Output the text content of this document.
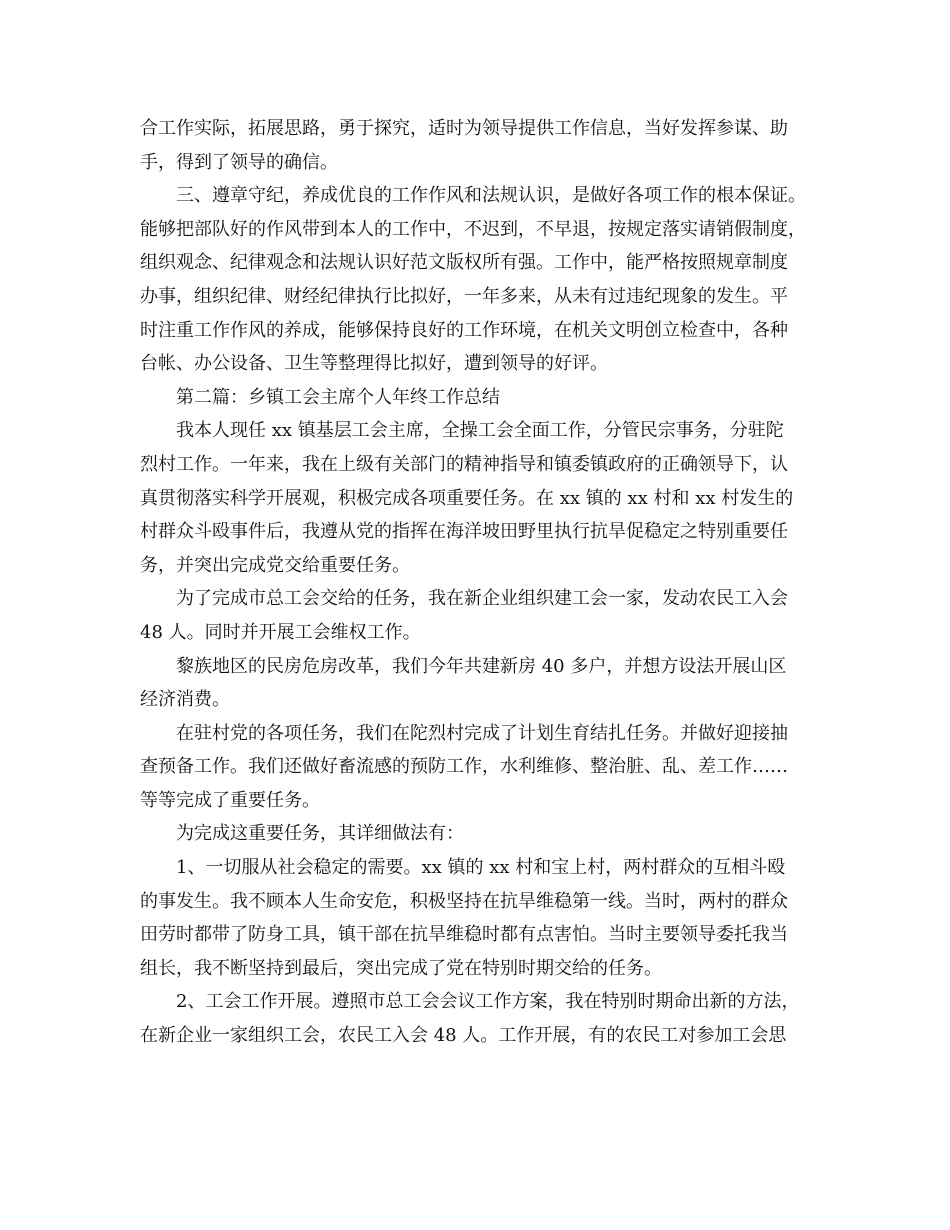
合工作实际，拓展思路，勇于探究，适时为领导提供工作信息，当好发挥参谋、助
手，得到了领导的确信。
三、遵章守纪，养成优良的工作作风和法规认识，是做好各项工作的根本保证。
能够把部队好的作风带到本人的工作中，不迟到，不早退，按规定落实请销假制度，
组织观念、纪律观念和法规认识好范文版权所有强。工作中，能严格按照规章制度
办事，组织纪律、财经纪律执行比拟好，一年多来，从未有过违纪现象的发生。平
时注重工作作风的养成，能够保持良好的工作环境，在机关文明创立检查中，各种
台帐、办公设备、卫生等整理得比拟好，遭到领导的好评。
第二篇：乡镇工会主席个人年终工作总结
我本人现任 xx 镇基层工会主席，全操工会全面工作，分管民宗事务，分驻陀
烈村工作。一年来，我在上级有关部门的精神指导和镇委镇政府的正确领导下，认
真贯彻落实科学开展观，积极完成各项重要任务。在 xx 镇的 xx 村和 xx 村发生的
村群众斗殴事件后，我遵从党的指挥在海洋坡田野里执行抗旱促稳定之特别重要任
务，并突出完成党交给重要任务。
为了完成市总工会交给的任务，我在新企业组织建工会一家，发动农民工入会
48 人。同时并开展工会维权工作。
黎族地区的民房危房改革，我们今年共建新房 40 多户，并想方设法开展山区
经济消费。
在驻村党的各项任务，我们在陀烈村完成了计划生育结扎任务。并做好迎接抽
查预备工作。我们还做好畜流感的预防工作，水利维修、整治脏、乱、差工作……
等等完成了重要任务。
为完成这重要任务，其详细做法有：
1、一切服从社会稳定的需要。xx 镇的 xx 村和宝上村，两村群众的互相斗殴
的事发生。我不顾本人生命安危，积极坚持在抗旱维稳第一线。当时，两村的群众
田劳时都带了防身工具，镇干部在抗旱维稳时都有点害怕。当时主要领导委托我当
组长，我不断坚持到最后，突出完成了党在特别时期交给的任务。
2、工会工作开展。遵照市总工会会议工作方案，我在特别时期命出新的方法，
在新企业一家组织工会，农民工入会 48 人。工作开展，有的农民工对参加工会思
